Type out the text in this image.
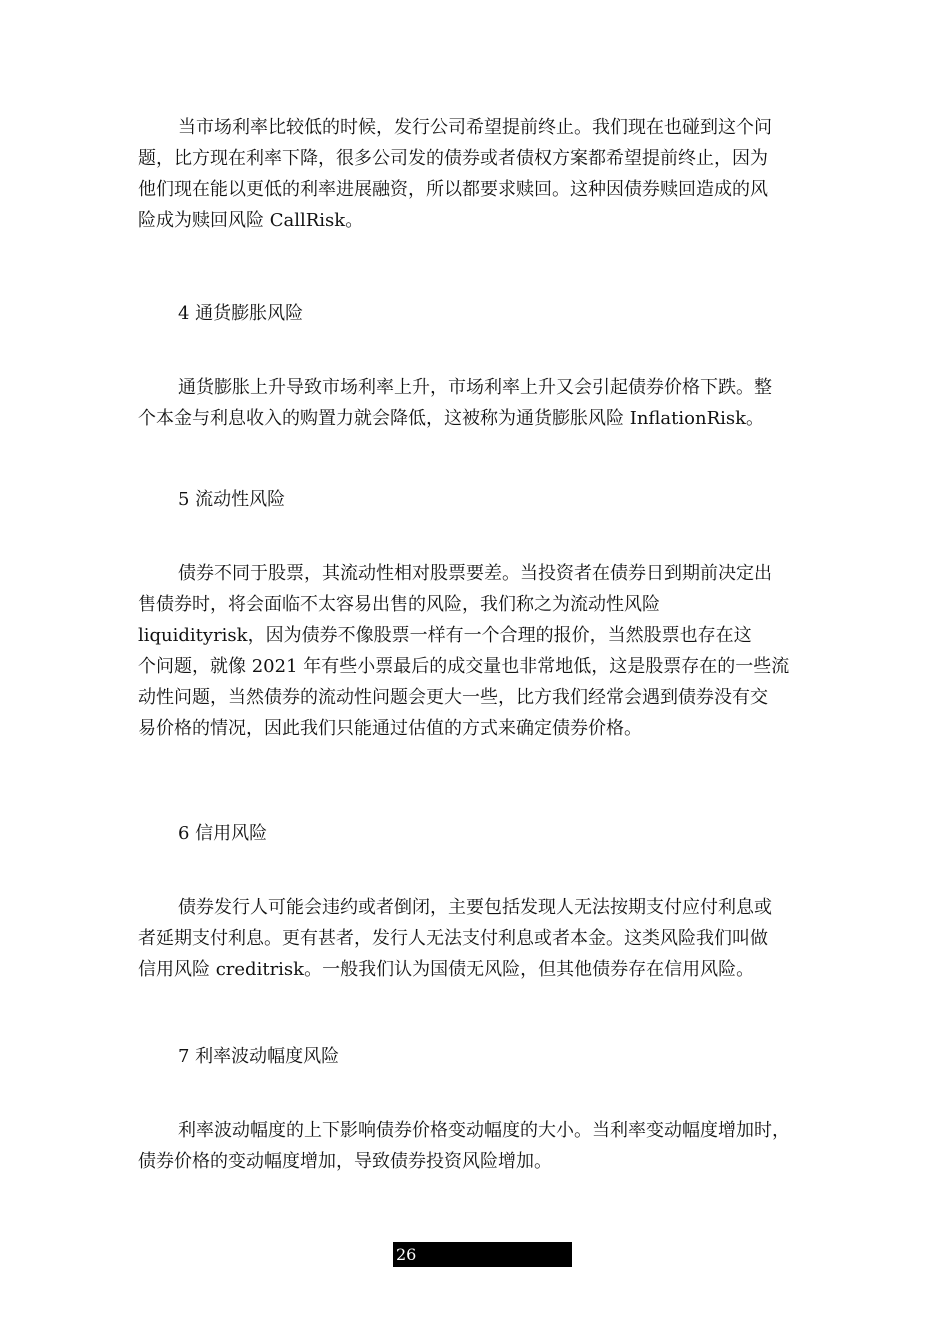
当市场利率比较低的时候，发行公司希望提前终止。我们现在也碰到这个问
题，比方现在利率下降，很多公司发的债券或者债权方案都希望提前终止，因为
他们现在能以更低的利率进展融资，所以都要求赎回。这种因债券赎回造成的风
险成为赎回风险 CallRisk。
4 通货膨胀风险
通货膨胀上升导致市场利率上升，市场利率上升又会引起债券价格下跌。整
个本金与利息收入的购置力就会降低，这被称为通货膨胀风险 InflationRisk。
5 流动性风险
债券不同于股票，其流动性相对股票要差。当投资者在债券日到期前决定出
售债券时，将会面临不太容易出售的风险，我们称之为流动性风险
liquidityrisk，因为债券不像股票一样有一个合理的报价，当然股票也存在这
个问题，就像 2021 年有些小票最后的成交量也非常地低，这是股票存在的一些流
动性问题，当然债券的流动性问题会更大一些，比方我们经常会遇到债券没有交
易价格的情况，因此我们只能通过估值的方式来确定债券价格。
6 信用风险
债券发行人可能会违约或者倒闭，主要包括发现人无法按期支付应付利息或
者延期支付利息。更有甚者，发行人无法支付利息或者本金。这类风险我们叫做
信用风险 creditrisk。一般我们认为国债无风险，但其他债券存在信用风险。
7 利率波动幅度风险
利率波动幅度的上下影响债券价格变动幅度的大小。当利率变动幅度增加时，
债券价格的变动幅度增加，导致债券投资风险增加。
26
